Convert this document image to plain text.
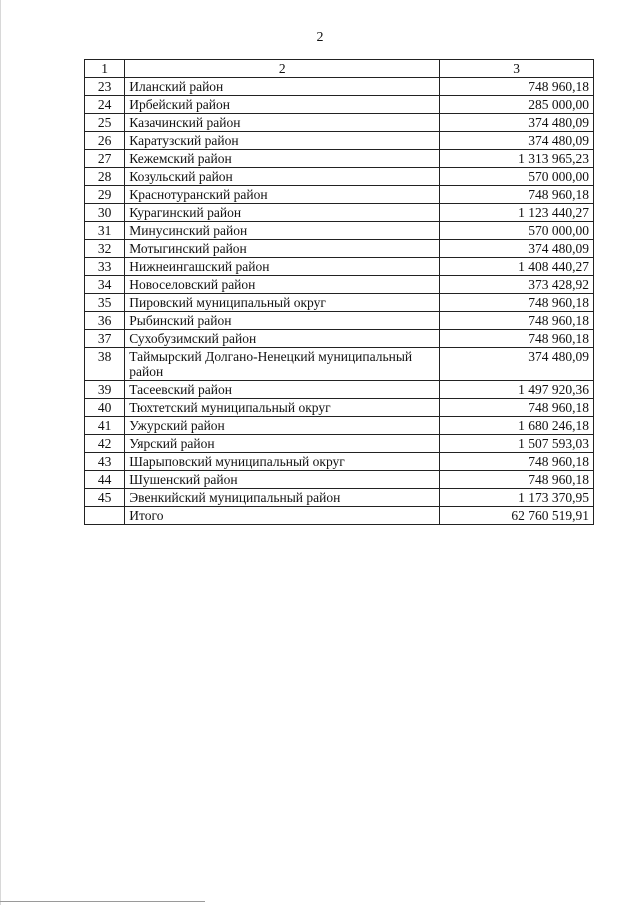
2
1	2	3
23	Иланский район	748 960,18
24	Ирбейский район	285 000,00
25	Казачинский район	374 480,09
26	Каратузский район	374 480,09
27	Кежемский район	1 313 965,23
28	Козульский район	570 000,00
29	Краснотуранский район	748 960,18
30	Курагинский район	1 123 440,27
31	Минусинский район	570 000,00
32	Мотыгинский район	374 480,09
33	Нижнеингашский район	1 408 440,27
34	Новоселовский район	373 428,92
35	Пировский муниципальный округ	748 960,18
36	Рыбинский район	748 960,18
37	Сухобузимский район	748 960,18
38	Таймырский Долгано-Ненецкий муниципальный район	374 480,09
39	Тасеевский район	1 497 920,36
40	Тюхтетский муниципальный округ	748 960,18
41	Ужурский район	1 680 246,18
42	Уярский район	1 507 593,03
43	Шарыповский муниципальный округ	748 960,18
44	Шушенский район	748 960,18
45	Эвенкийский муниципальный район	1 173 370,95
	Итого	62 760 519,91
